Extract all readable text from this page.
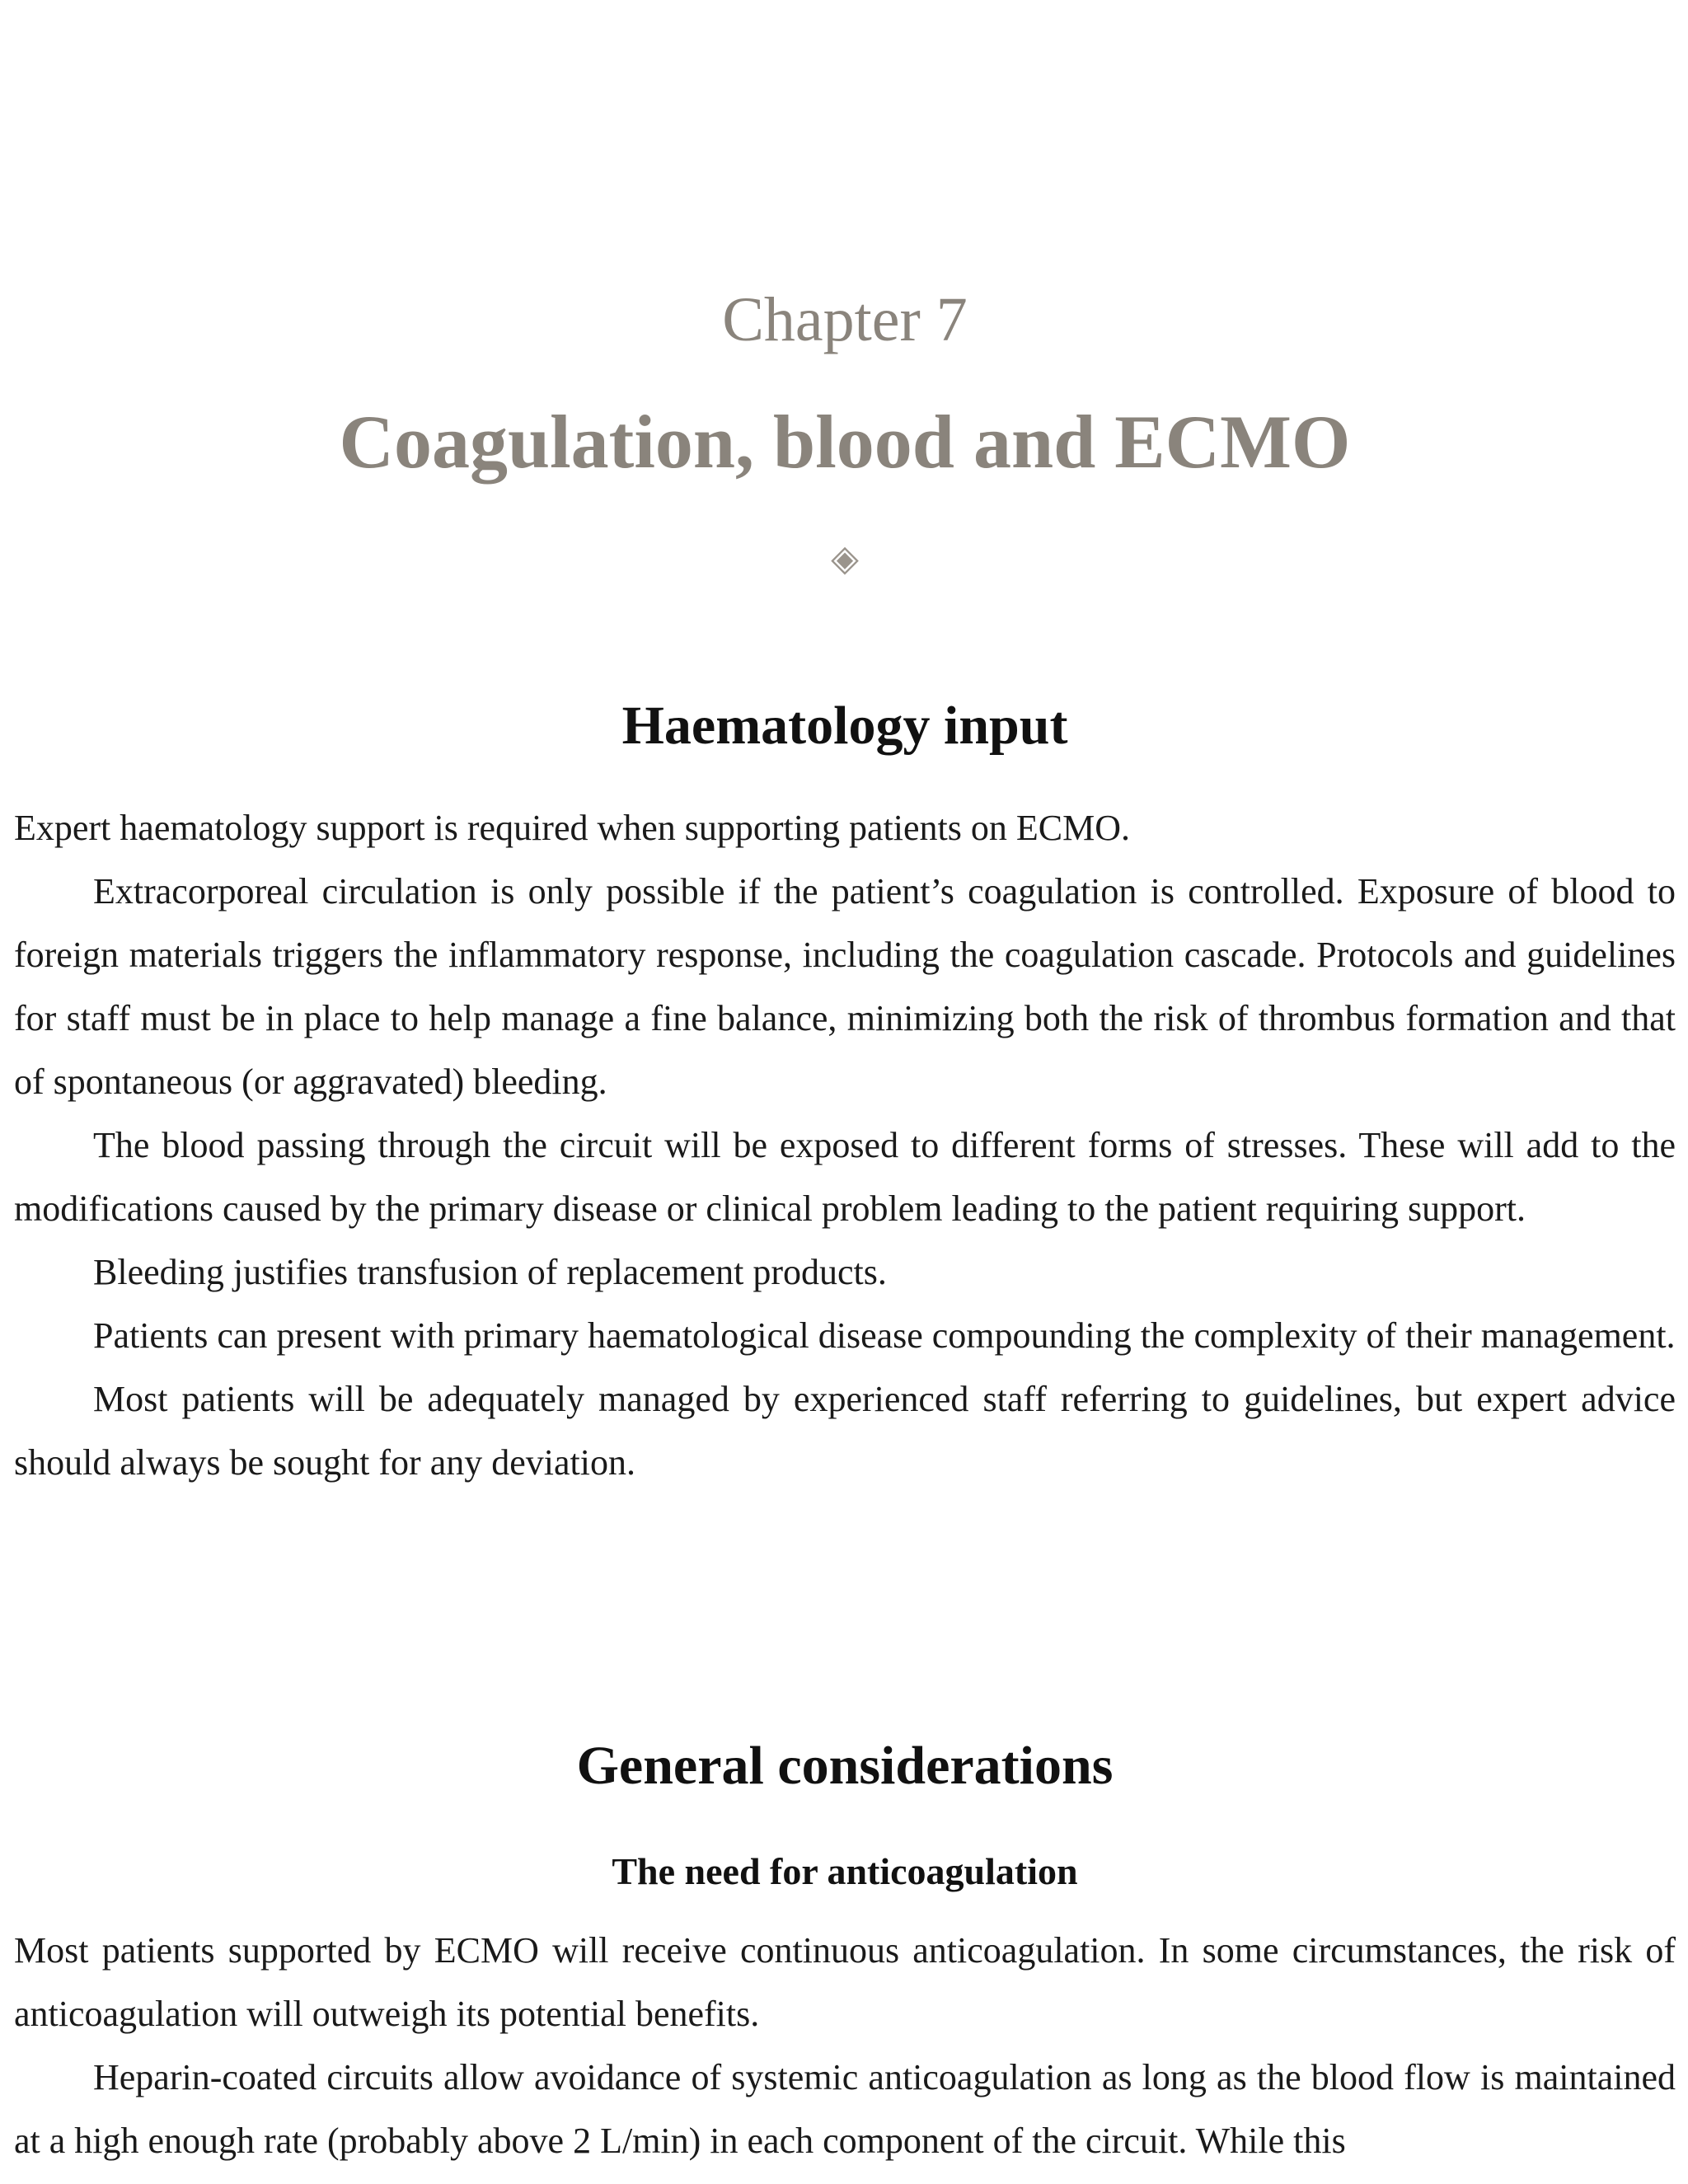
Chapter 7
Coagulation, blood and ECMO
◈
Haematology input

Expert haematology support is required when supporting patients on ECMO.

Extracorporeal circulation is only possible if the patient’s coagulation is controlled. Exposure of blood to foreign materials triggers the inflammatory response, including the coagulation cascade. Protocols and guidelines for staff must be in place to help manage a fine balance, minimizing both the risk of thrombus formation and that of spontaneous (or aggravated) bleeding.

The blood passing through the circuit will be exposed to different forms of stresses. These will add to the modifications caused by the primary disease or clinical problem leading to the patient requiring support.

Bleeding justifies transfusion of replacement products.

Patients can present with primary haematological disease compounding the complexity of their management.

Most patients will be adequately managed by experienced staff referring to guidelines, but expert advice should always be sought for any deviation.

General considerations
The need for anticoagulation

Most patients supported by ECMO will receive continuous anticoagulation. In some circumstances, the risk of anticoagulation will outweigh its potential benefits.

Heparin-coated circuits allow avoidance of systemic anticoagulation as long as the blood flow is maintained at a high enough rate (probably above 2 L/min) in each component of the circuit. While this
